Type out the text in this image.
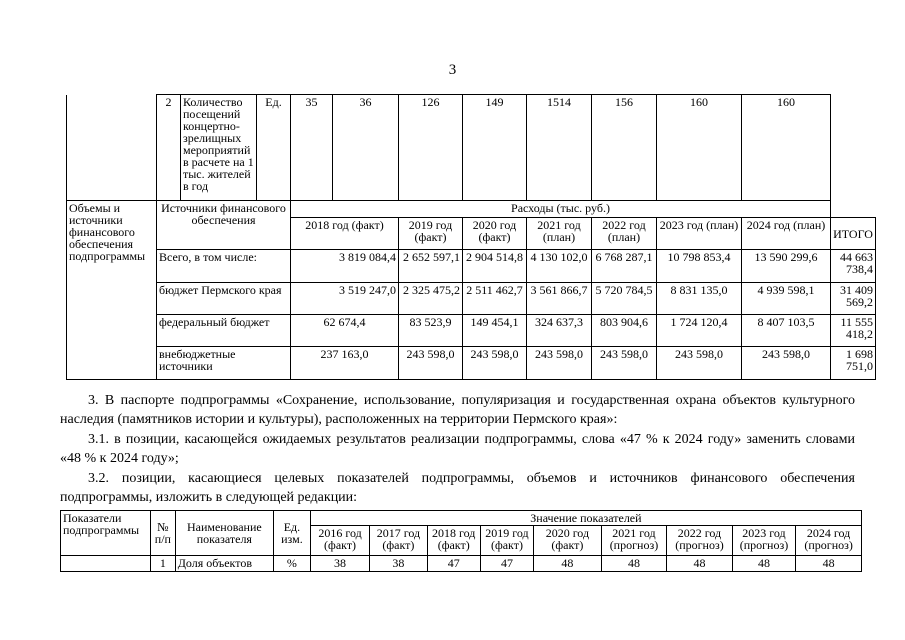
3
	2	Количество посещений концертно-зрелищных мероприятий в расчете на 1 тыс. жителей в год	Ед.	35	36	126	149	1514	156	160	160	
Объемы и источники финансового обеспечения подпрограммы	Источники финансового обеспечения			Расходы (тыс. руб.)								
				2018 год (факт)		2019 год (факт)	2020 год (факт)	2021 год (план)	2022 год (план)	2023 год (план)	2024 год (план)	ИТОГО
	Всего, в том числе:			3 819 084,4		2 652 597,1	2 904 514,8	4 130 102,0	6 768 287,1	10 798 853,4	13 590 299,6	44 663 738,4
	бюджет Пермского края			3 519 247,0		2 325 475,2	2 511 462,7	3 561 866,7	5 720 784,5	8 831 135,0	4 939 598,1	31 409 569,2
	федеральный бюджет			62 674,4		83 523,9	149 454,1	324 637,3	803 904,6	1 724 120,4	8 407 103,5	11 555 418,2
	внебюджетные источники			237 163,0		243 598,0	243 598,0	243 598,0	243 598,0	243 598,0	243 598,0	1 698 751,0
3. В паспорте подпрограммы «Сохранение, использование, популяризация и государственная охрана объектов культурного наследия (памятников истории и культуры), расположенных на территории Пермского края»:
3.1. в позиции, касающейся ожидаемых результатов реализации подпрограммы, слова «47 % к 2024 году» заменить словами «48 % к 2024 году»;
3.2. позиции, касающиеся целевых показателей подпрограммы, объемов и источников финансового обеспечения подпрограммы, изложить в следующей редакции:
Показатели подпрограммы	№ п/п	Наименование показателя	Ед. изм.	Значение показателей								
				2016 год (факт)	2017 год (факт)	2018 год (факт)	2019 год (факт)	2020 год (факт)	2021 год (прогноз)	2022 год (прогноз)	2023 год (прогноз)	2024 год (прогноз)
	1	Доля объектов	%	38	38	47	47	48	48	48	48	48
